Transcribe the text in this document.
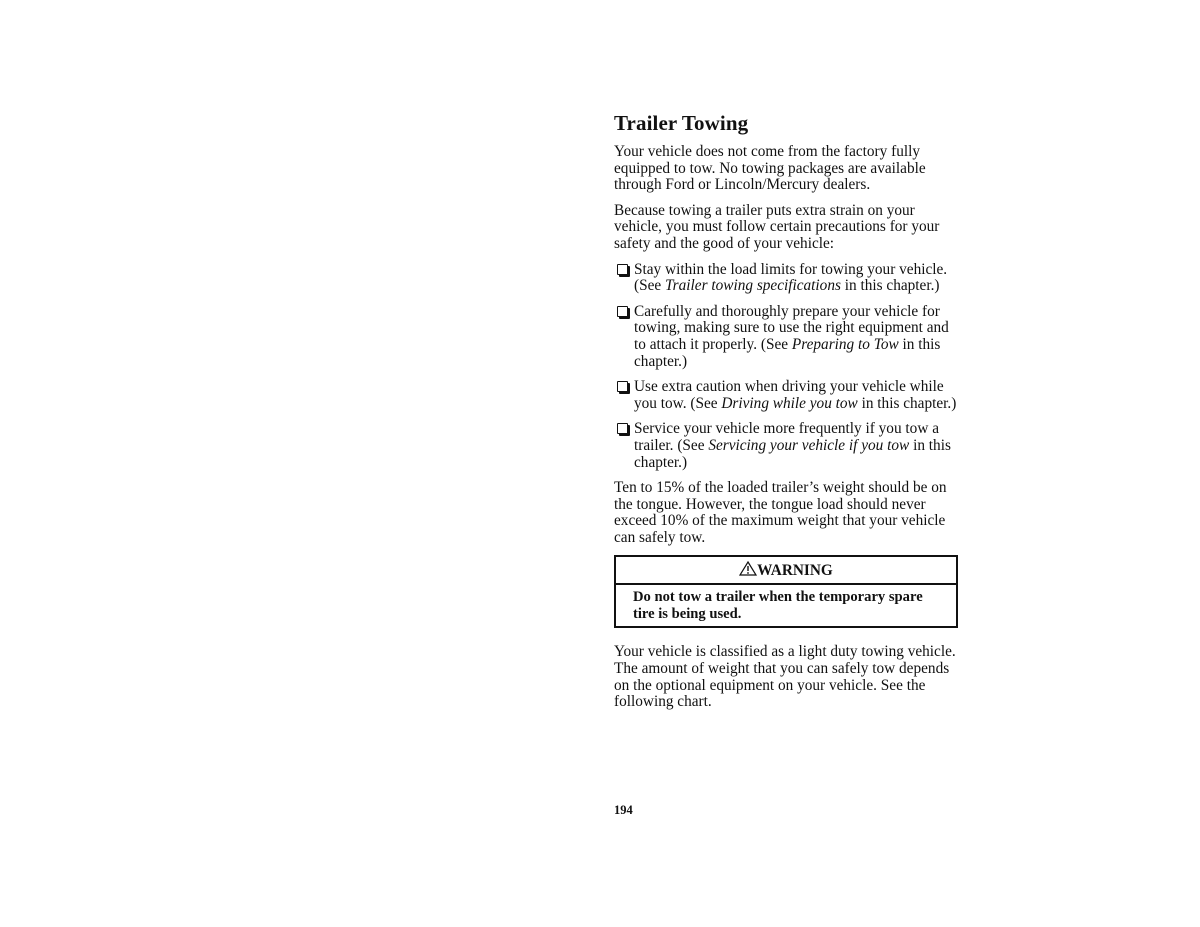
Trailer Towing

Your vehicle does not come from the factory fully equipped to tow. No towing packages are available through Ford or Lincoln/Mercury dealers.

Because towing a trailer puts extra strain on your vehicle, you must follow certain precautions for your safety and the good of your vehicle:

Stay within the load limits for towing your vehicle. (See Trailer towing specifications in this chapter.)
Carefully and thoroughly prepare your vehicle for towing, making sure to use the right equipment and to attach it properly. (See Preparing to Tow in this chapter.)
Use extra caution when driving your vehicle while you tow. (See Driving while you tow in this chapter.)
Service your vehicle more frequently if you tow a trailer. (See Servicing your vehicle if you tow in this chapter.)

Ten to 15% of the loaded trailer’s weight should be on the tongue. However, the tongue load should never exceed 10% of the maximum weight that your vehicle can safely tow.

WARNING
Do not tow a trailer when the temporary spare tire is being used.

Your vehicle is classified as a light duty towing vehicle. The amount of weight that you can safely tow depends on the optional equipment on your vehicle. See the following chart.

194
